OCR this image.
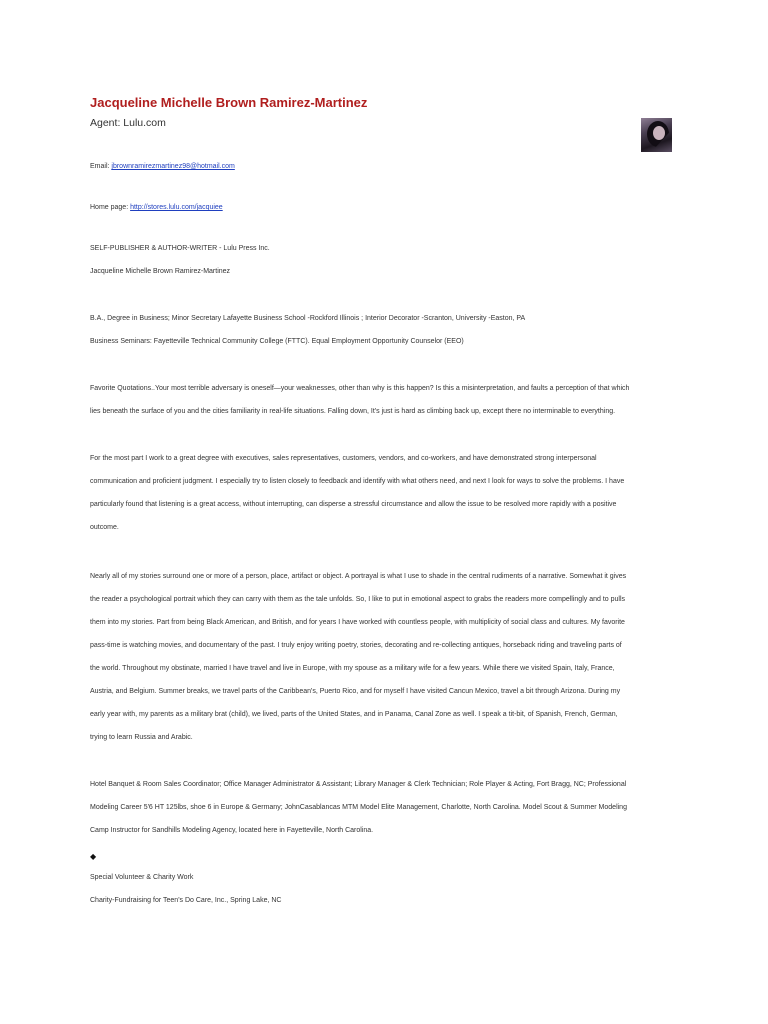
Jacqueline Michelle Brown Ramirez-Martinez
Agent: Lulu.com
Email: jbrownramirezmartinez98@hotmail.com
Home page: http://stores.lulu.com/jacquiee
SELF-PUBLISHER & AUTHOR-WRITER - Lulu Press Inc.
Jacqueline Michelle Brown Ramirez-Martinez
B.A., Degree in Business; Minor Secretary Lafayette Business School -Rockford Illinois ; Interior Decorator -Scranton, University -Easton, PA
Business Seminars: Fayetteville Technical Community College (FTTC). Equal Employment Opportunity Counselor (EEO)
Favorite Quotations..Your most terrible adversary is oneself—your weaknesses, other than why is this happen? Is this a misinterpretation, and faults a perception of that which
lies beneath the surface of you and the cities familiarity in real-life situations. Falling down, It's just is hard as climbing back up, except there no interminable to everything.
For the most part I work to a great degree with executives, sales representatives, customers, vendors, and co-workers, and have demonstrated strong interpersonal
communication and proficient judgment. I especially try to listen closely to feedback and identify with what others need, and next I look for ways to solve the problems. I have
particularly found that listening is a great access, without interrupting, can disperse a stressful circumstance and allow the issue to be resolved more rapidly with a positive
outcome.
Nearly all of my stories surround one or more of a person, place, artifact or object. A portrayal is what I use to shade in the central rudiments of a narrative. Somewhat it gives
the reader a psychological portrait which they can carry with them as the tale unfolds. So, I like to put in emotional aspect to grabs the readers more compellingly and to pulls
them into my stories. Part from being Black American, and British, and for years I have worked with countless people, with multiplicity of social class and cultures. My favorite
pass-time is watching movies, and documentary of the past. I truly enjoy writing poetry, stories, decorating and re-collecting antiques, horseback riding and traveling parts of
the world. Throughout my obstinate, married I have travel and live in Europe, with my spouse as a military wife for a few years. While there we visited Spain, Italy, France,
Austria, and Belgium. Summer breaks, we travel parts of the Caribbean's, Puerto Rico, and for myself I have visited Cancun Mexico, travel a bit through Arizona. During my
early year with, my parents as a military brat (child), we lived, parts of the United States, and in Panama, Canal Zone as well. I speak a tit-bit, of Spanish, French, German,
trying to learn Russia and Arabic.
Hotel Banquet & Room Sales Coordinator; Office Manager Administrator & Assistant; Library Manager & Clerk Technician; Role Player & Acting, Fort Bragg, NC; Professional
Modeling Career 5'6 HT 125lbs, shoe 6 in Europe & Germany; JohnCasablancas MTM Model Elite Management, Charlotte, North Carolina. Model Scout & Summer Modeling
Camp Instructor for Sandhills Modeling Agency, located here in Fayetteville, North Carolina.
◆
Special Volunteer & Charity Work
Charity-Fundraising for Teen's Do Care, Inc., Spring Lake, NC
